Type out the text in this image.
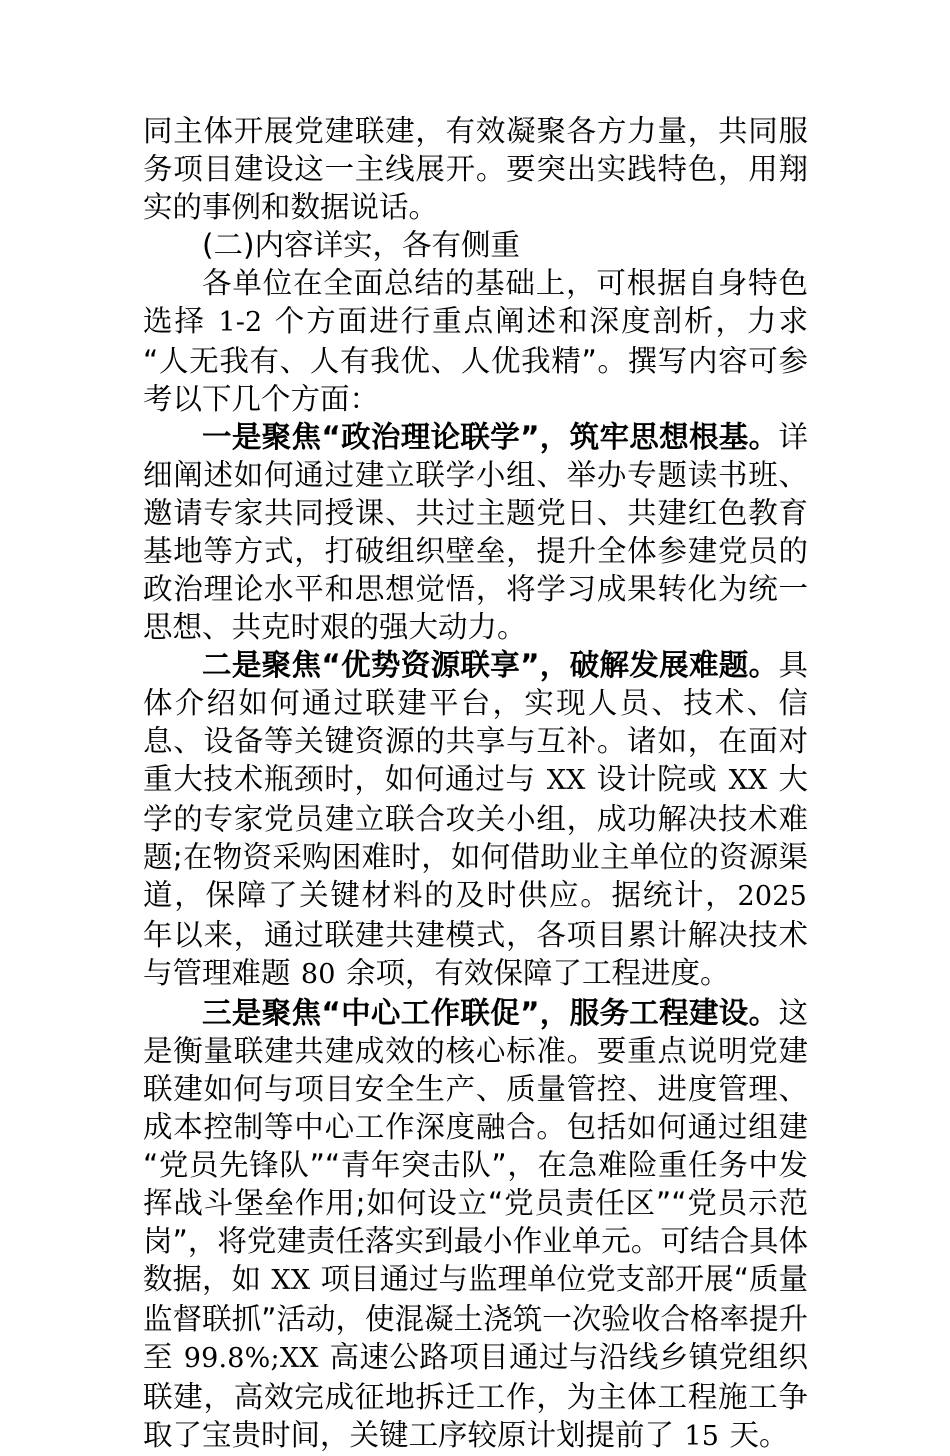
同主体开展党建联建，有效凝聚各方力量，共同服务项目建设这一主线展开。要突出实践特色，用翔实的事例和数据说话。

(二)内容详实，各有侧重

各单位在全面总结的基础上，可根据自身特色选择 1-2 个方面进行重点阐述和深度剖析，力求“人无我有、人有我优、人优我精”。撰写内容可参考以下几个方面：

一是聚焦“政治理论联学”，筑牢思想根基。详细阐述如何通过建立联学小组、举办专题读书班、邀请专家共同授课、共过主题党日、共建红色教育基地等方式，打破组织壁垒，提升全体参建党员的政治理论水平和思想觉悟，将学习成果转化为统一思想、共克时艰的强大动力。

二是聚焦“优势资源联享”，破解发展难题。具体介绍如何通过联建平台，实现人员、技术、信息、设备等关键资源的共享与互补。诸如，在面对重大技术瓶颈时，如何通过与 XX 设计院或 XX 大学的专家党员建立联合攻关小组，成功解决技术难题;在物资采购困难时，如何借助业主单位的资源渠道，保障了关键材料的及时供应。据统计，2025 年以来，通过联建共建模式，各项目累计解决技术与管理难题 80 余项，有效保障了工程进度。

三是聚焦“中心工作联促”，服务工程建设。这是衡量联建共建成效的核心标准。要重点说明党建联建如何与项目安全生产、质量管控、进度管理、成本控制等中心工作深度融合。包括如何通过组建“党员先锋队”“青年突击队”，在急难险重任务中发挥战斗堡垒作用;如何设立“党员责任区”“党员示范岗”，将党建责任落实到最小作业单元。可结合具体数据，如 XX 项目通过与监理单位党支部开展“质量监督联抓”活动，使混凝土浇筑一次验收合格率提升至 99.8%;XX 高速公路项目通过与沿线乡镇党组织联建，高效完成征地拆迁工作，为主体工程施工争取了宝贵时间，关键工序较原计划提前了 15 天。
